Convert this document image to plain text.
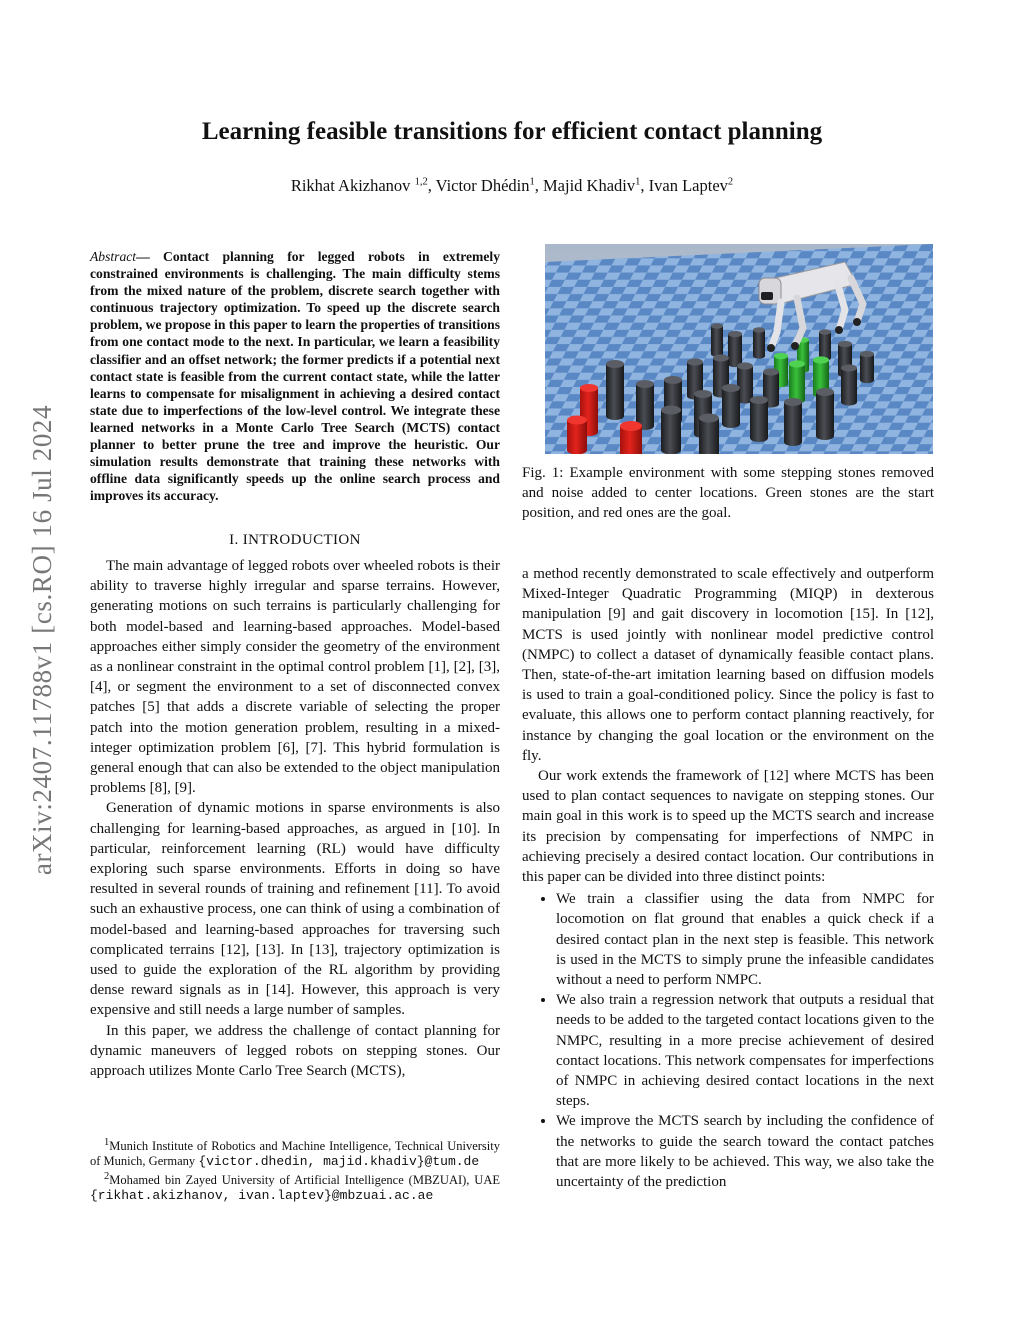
arXiv:2407.11788v1 [cs.RO] 16 Jul 2024
Learning feasible transitions for efficient contact planning
Rikhat Akizhanov $^{1,2}$, Victor Dhédin$^1$, Majid Khadiv$^1$, Ivan Laptev$^2$
Abstract— Contact planning for legged robots in extremely constrained environments is challenging. The main difficulty stems from the mixed nature of the problem, discrete search together with continuous trajectory optimization. To speed up the discrete search problem, we propose in this paper to learn the properties of transitions from one contact mode to the next. In particular, we learn a feasibility classifier and an offset network; the former predicts if a potential next contact state is feasible from the current contact state, while the latter learns to compensate for misalignment in achieving a desired contact state due to imperfections of the low-level control. We integrate these learned networks in a Monte Carlo Tree Search (MCTS) contact planner to better prune the tree and improve the heuristic. Our simulation results demonstrate that training these networks with offline data significantly speeds up the online search process and improves its accuracy.
I. INTRODUCTION

The main advantage of legged robots over wheeled robots is their ability to traverse highly irregular and sparse terrains. However, generating motions on such terrains is particularly challenging for both model-based and learning-based approaches. Model-based approaches either simply consider the geometry of the environment as a nonlinear constraint in the optimal control problem [1], [2], [3], [4], or segment the environment to a set of disconnected convex patches [5] that adds a discrete variable of selecting the proper patch into the motion generation problem, resulting in a mixed-integer optimization problem [6], [7]. This hybrid formulation is general enough that can also be extended to the object manipulation problems [8], [9].

Generation of dynamic motions in sparse environments is also challenging for learning-based approaches, as argued in [10]. In particular, reinforcement learning (RL) would have difficulty exploring such sparse environments. Efforts in doing so have resulted in several rounds of training and refinement [11]. To avoid such an exhaustive process, one can think of using a combination of model-based and learning-based approaches for traversing such complicated terrains [12], [13]. In [13], trajectory optimization is used to guide the exploration of the RL algorithm by providing dense reward signals as in [14]. However, this approach is very expensive and still needs a large number of samples.

In this paper, we address the challenge of contact planning for dynamic maneuvers of legged robots on stepping stones. Our approach utilizes Monte Carlo Tree Search (MCTS),

$^1$Munich Institute of Robotics and Machine Intelligence, Technical University of Munich, Germany {victor.dhedin, majid.khadiv}@tum.de

$^2$Mohamed bin Zayed University of Artificial Intelligence (MBZUAI), UAE {rikhat.akizhanov, ivan.laptev}@mbzuai.ac.ae

Fig. 1: Example environment with some stepping stones removed and noise added to center locations. Green stones are the start position, and red ones are the goal.

a method recently demonstrated to scale effectively and outperform Mixed-Integer Quadratic Programming (MIQP) in dexterous manipulation [9] and gait discovery in locomotion [15]. In [12], MCTS is used jointly with nonlinear model predictive control (NMPC) to collect a dataset of dynamically feasible contact plans. Then, state-of-the-art imitation learning based on diffusion models is used to train a goal-conditioned policy. Since the policy is fast to evaluate, this allows one to perform contact planning reactively, for instance by changing the goal location or the environment on the fly.

Our work extends the framework of [12] where MCTS has been used to plan contact sequences to navigate on stepping stones. Our main goal in this work is to speed up the MCTS search and increase its precision by compensating for imperfections of NMPC in achieving precisely a desired contact location. Our contributions in this paper can be divided into three distinct points:

• We train a classifier using the data from NMPC for locomotion on flat ground that enables a quick check if a desired contact plan in the next step is feasible. This network is used in the MCTS to simply prune the infeasible candidates without a need to perform NMPC.
• We also train a regression network that outputs a residual that needs to be added to the targeted contact locations given to the NMPC, resulting in a more precise achievement of desired contact locations. This network compensates for imperfections of NMPC in achieving desired contact locations in the next steps.
• We improve the MCTS search by including the confidence of the networks to guide the search toward the contact patches that are more likely to be achieved. This way, we also take the uncertainty of the prediction
